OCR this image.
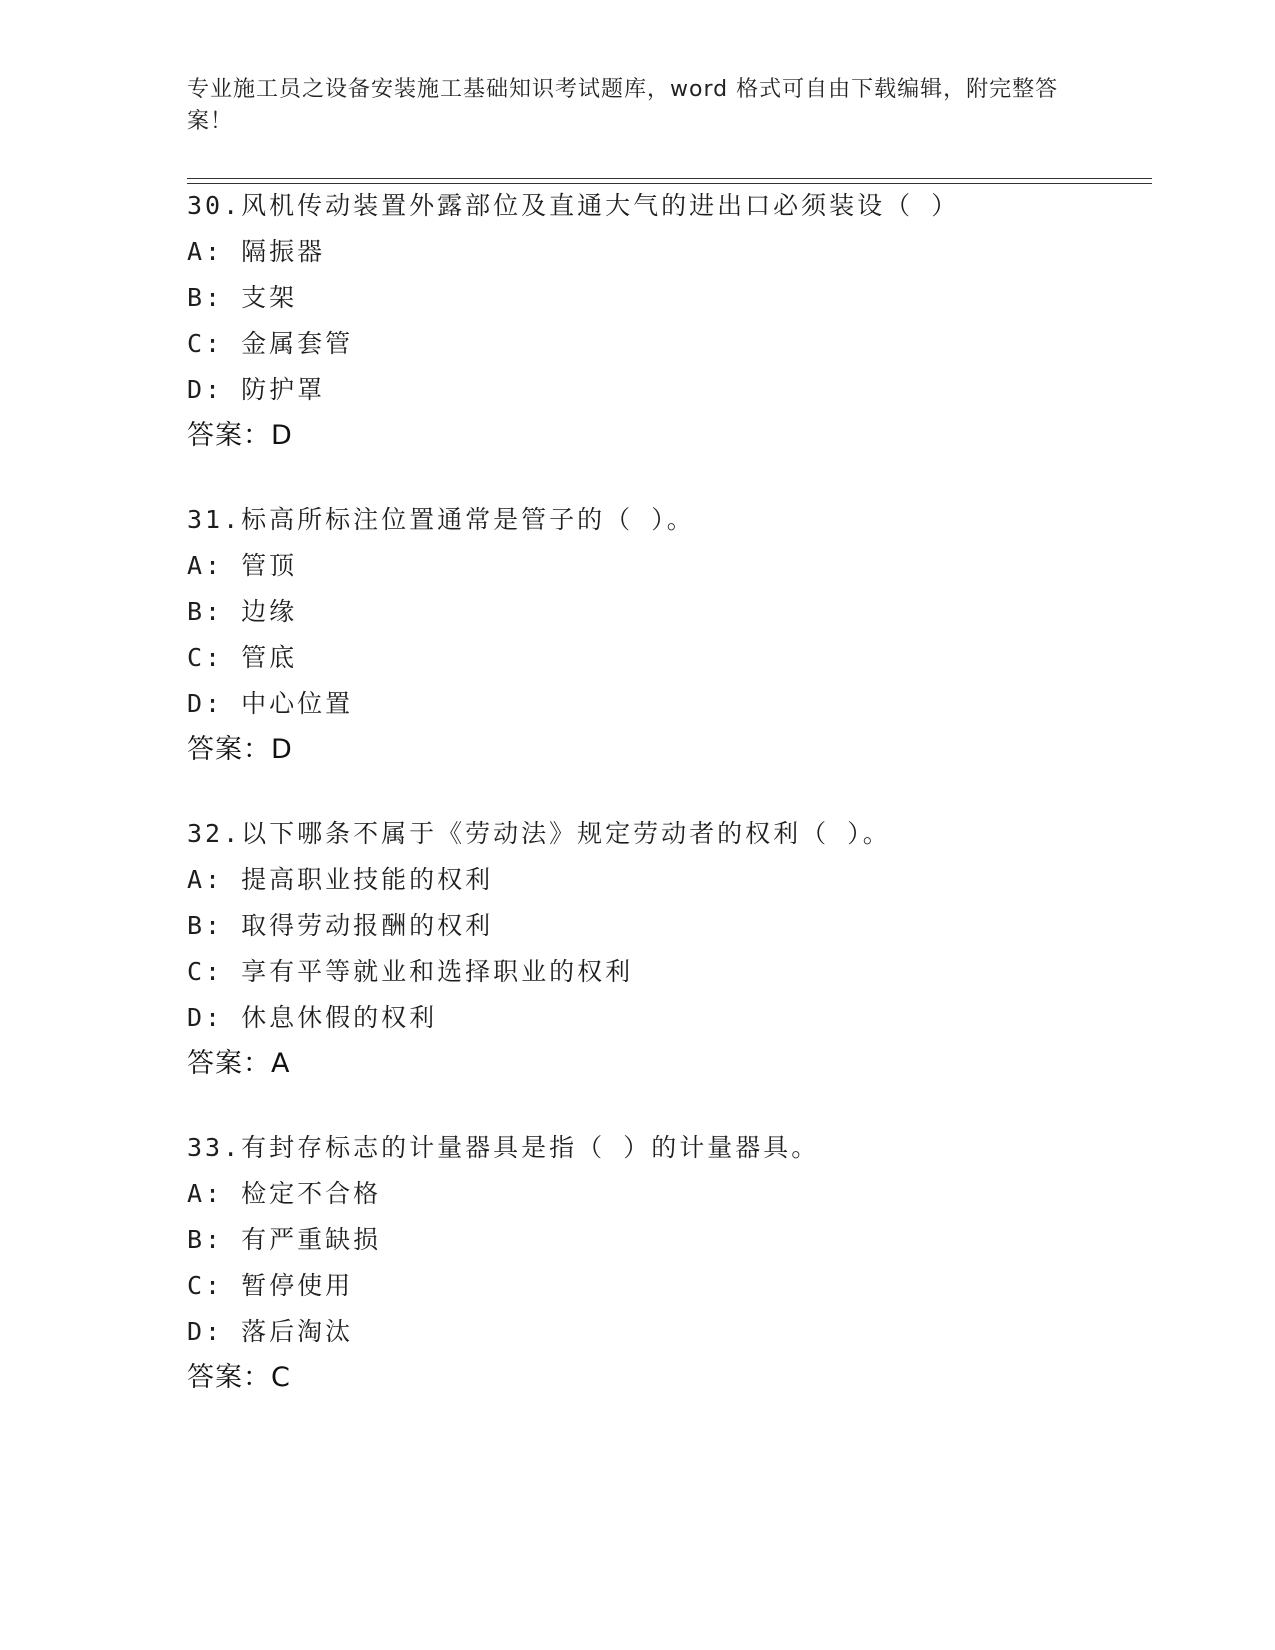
专业施工员之设备安装施工基础知识考试题库，word 格式可自由下载编辑，附完整答案！
30.风机传动装置外露部位及直通大气的进出口必须装设（ ）
A: 隔振器
B: 支架
C: 金属套管
D: 防护罩
答案：D
31.标高所标注位置通常是管子的（ ）。
A: 管顶
B: 边缘
C: 管底
D: 中心位置
答案：D
32.以下哪条不属于《劳动法》规定劳动者的权利（ ）。
A: 提高职业技能的权利
B: 取得劳动报酬的权利
C: 享有平等就业和选择职业的权利
D: 休息休假的权利
答案：A
33.有封存标志的计量器具是指（ ）的计量器具。
A: 检定不合格
B: 有严重缺损
C: 暂停使用
D: 落后淘汰
答案：C
